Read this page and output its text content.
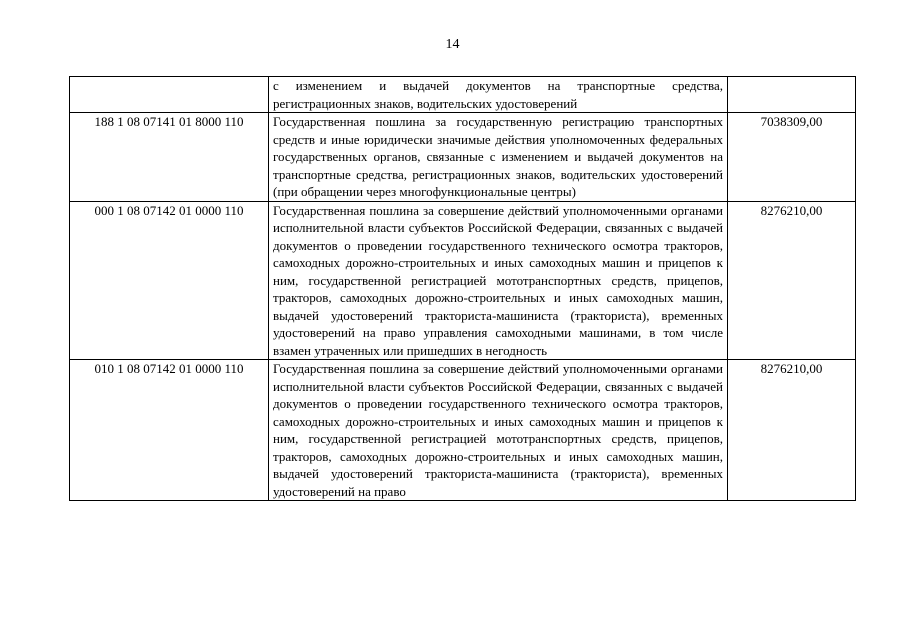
14
	с изменением и выдачей документов на транспортные средства, регистрационных знаков, водительских удостоверений	
188 1 08 07141 01 8000 110	Государственная пошлина за государственную регистрацию транспортных средств и иные юридически значимые действия уполномоченных федеральных государственных органов, связанные с изменением и выдачей документов на транспортные средства, регистрационных знаков, водительских удостоверений (при обращении через многофункциональные центры)	7038309,00
000 1 08 07142 01 0000 110	Государственная пошлина за совершение действий уполномоченными органами исполнительной власти субъектов Российской Федерации, связанных с выдачей документов о проведении государственного технического осмотра тракторов, самоходных дорожно-строительных и иных самоходных машин и прицепов к ним, государственной регистрацией мототранспортных средств, прицепов, тракторов, самоходных дорожно-строительных и иных самоходных машин, выдачей удостоверений тракториста-машиниста (тракториста), временных удостоверений на право управления самоходными машинами, в том числе взамен утраченных или пришедших в негодность	8276210,00
010 1 08 07142 01 0000 110	Государственная пошлина за совершение действий уполномоченными органами исполнительной власти субъектов Российской Федерации, связанных с выдачей документов о проведении государственного технического осмотра тракторов, самоходных дорожно-строительных и иных самоходных машин и прицепов к ним, государственной регистрацией мототранспортных средств, прицепов, тракторов, самоходных дорожно-строительных и иных самоходных машин, выдачей удостоверений тракториста-машиниста (тракториста), временных удостоверений на право	8276210,00
